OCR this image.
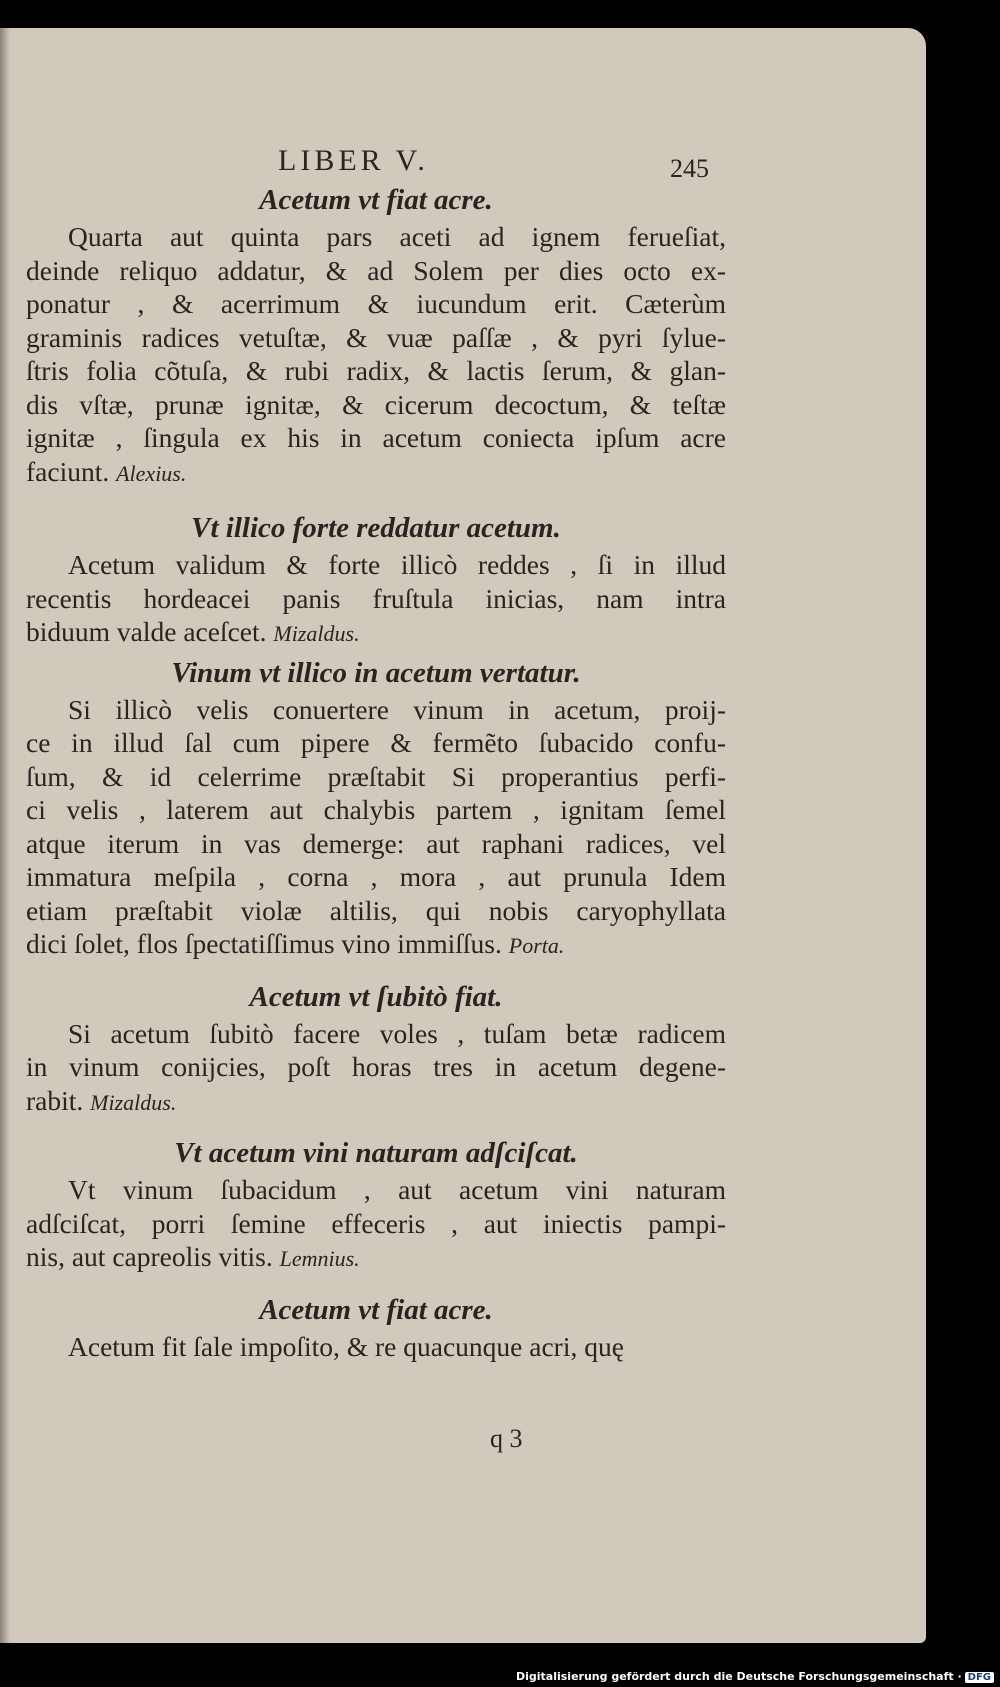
LIBER V.	245
Acetum vt fiat acre.

Quarta aut quinta pars aceti ad ignem ferueſiat,
deinde reliquo addatur, & ad Solem per dies octo ex-
ponatur , & acerrimum & iucundum erit. Cæterùm
graminis radices vetuſtæ, & vuæ paſſæ , & pyri ſylue-
ſtris folia cõtuſa, & rubi radix, & lactis ſerum, & glan-
dis vſtæ, prunæ ignitæ, & cicerum decoctum, & teſtæ
ignitæ , ſingula ex his in acetum coniecta ipſum acre
faciunt. Alexius.

Vt illico forte reddatur acetum.

Acetum validum & forte illicò reddes , ſi in illud
recentis hordeacei panis fruſtula inicias, nam intra
biduum valde aceſcet. Mizaldus.

Vinum vt illico in acetum vertatur.

Si illicò velis conuertere vinum in acetum, proij-
ce in illud ſal cum pipere & fermẽto ſubacido confu-
ſum, & id celerrime præſtabit Si properantius perfi-
ci velis , laterem aut chalybis partem , ignitam ſemel
atque iterum in vas demerge: aut raphani radices, vel
immatura meſpila , corna , mora , aut prunula Idem
etiam præſtabit violæ altilis, qui nobis caryophyllata
dici ſolet, flos ſpectatiſſimus vino immiſſus. Porta.

Acetum vt ſubitò fiat.

Si acetum ſubitò facere voles , tuſam betæ radicem
in vinum conijcies, poſt horas tres in acetum degene-
rabit. Mizaldus.

Vt acetum vini naturam adſciſcat.

Vt vinum ſubacidum , aut acetum vini naturam
adſciſcat, porri ſemine effeceris , aut iniectis pampi-
nis, aut capreolis vitis. Lemnius.

Acetum vt fiat acre.

Acetum fit ſale impoſito, & re quacunque acri, quę

q 3
Digitalisierung gefördert durch die Deutsche Forschungsgemeinschaft · DFG
